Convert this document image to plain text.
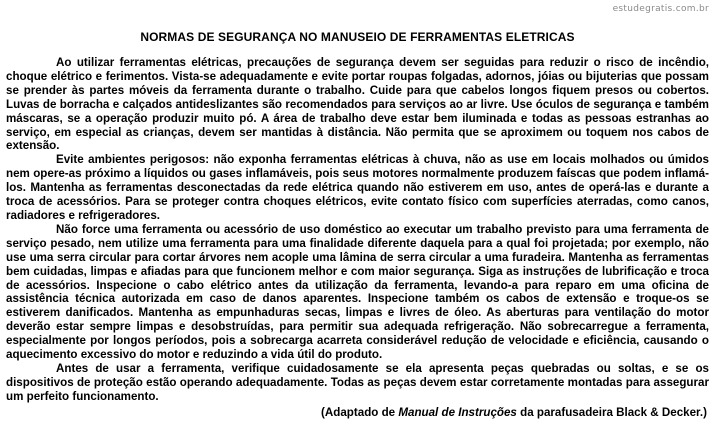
estudegratis.com.br
NORMAS DE SEGURANÇA NO MANUSEIO DE FERRAMENTAS ELETRICAS

Ao utilizar ferramentas elétricas, precauções de segurança devem ser seguidas para reduzir o risco de incêndio, choque elétrico e ferimentos. Vista-se adequadamente e evite portar roupas folgadas, adornos, jóias ou bijuterias que possam se prender às partes móveis da ferramenta durante o trabalho. Cuide para que cabelos longos fiquem presos ou cobertos. Luvas de borracha e calçados antideslizantes são recomendados para serviços ao ar livre. Use óculos de segurança e também máscaras, se a operação produzir muito pó. A área de trabalho deve estar bem iluminada e todas as pessoas estranhas ao serviço, em especial as crianças, devem ser mantidas à distância. Não permita que se aproximem ou toquem nos cabos de extensão.

Evite ambientes perigosos: não exponha ferramentas elétricas à chuva, não as use em locais molhados ou úmidos nem opere-as próximo a líquidos ou gases inflamáveis, pois seus motores normalmente produzem faíscas que podem inflamá-los. Mantenha as ferramentas desconectadas da rede elétrica quando não estiverem em uso, antes de operá-las e durante a troca de acessórios. Para se proteger contra choques elétricos, evite contato físico com superfícies aterradas, como canos, radiadores e refrigeradores.

Não force uma ferramenta ou acessório de uso doméstico ao executar um trabalho previsto para uma ferramenta de serviço pesado, nem utilize uma ferramenta para uma finalidade diferente daquela para a qual foi projetada; por exemplo, não use uma serra circular para cortar árvores nem acople uma lâmina de serra circular a uma furadeira. Mantenha as ferramentas bem cuidadas, limpas e afiadas para que funcionem melhor e com maior segurança. Siga as instruções de lubrificação e troca de acessórios. Inspecione o cabo elétrico antes da utilização da ferramenta, levando-a para reparo em uma oficina de assistência técnica autorizada em caso de danos aparentes. Inspecione também os cabos de extensão e troque-os se estiverem danificados. Mantenha as empunhaduras secas, limpas e livres de óleo. As aberturas para ventilação do motor deverão estar sempre limpas e desobstruídas, para permitir sua adequada refrigeração. Não sobrecarregue a ferramenta, especialmente por longos períodos, pois a sobrecarga acarreta considerável redução de velocidade e eficiência, causando o aquecimento excessivo do motor e reduzindo a vida útil do produto.

Antes de usar a ferramenta, verifique cuidadosamente se ela apresenta peças quebradas ou soltas, e se os dispositivos de proteção estão operando adequadamente. Todas as peças devem estar corretamente montadas para assegurar um perfeito funcionamento.

(Adaptado de Manual de Instruções da parafusadeira Black & Decker.)
